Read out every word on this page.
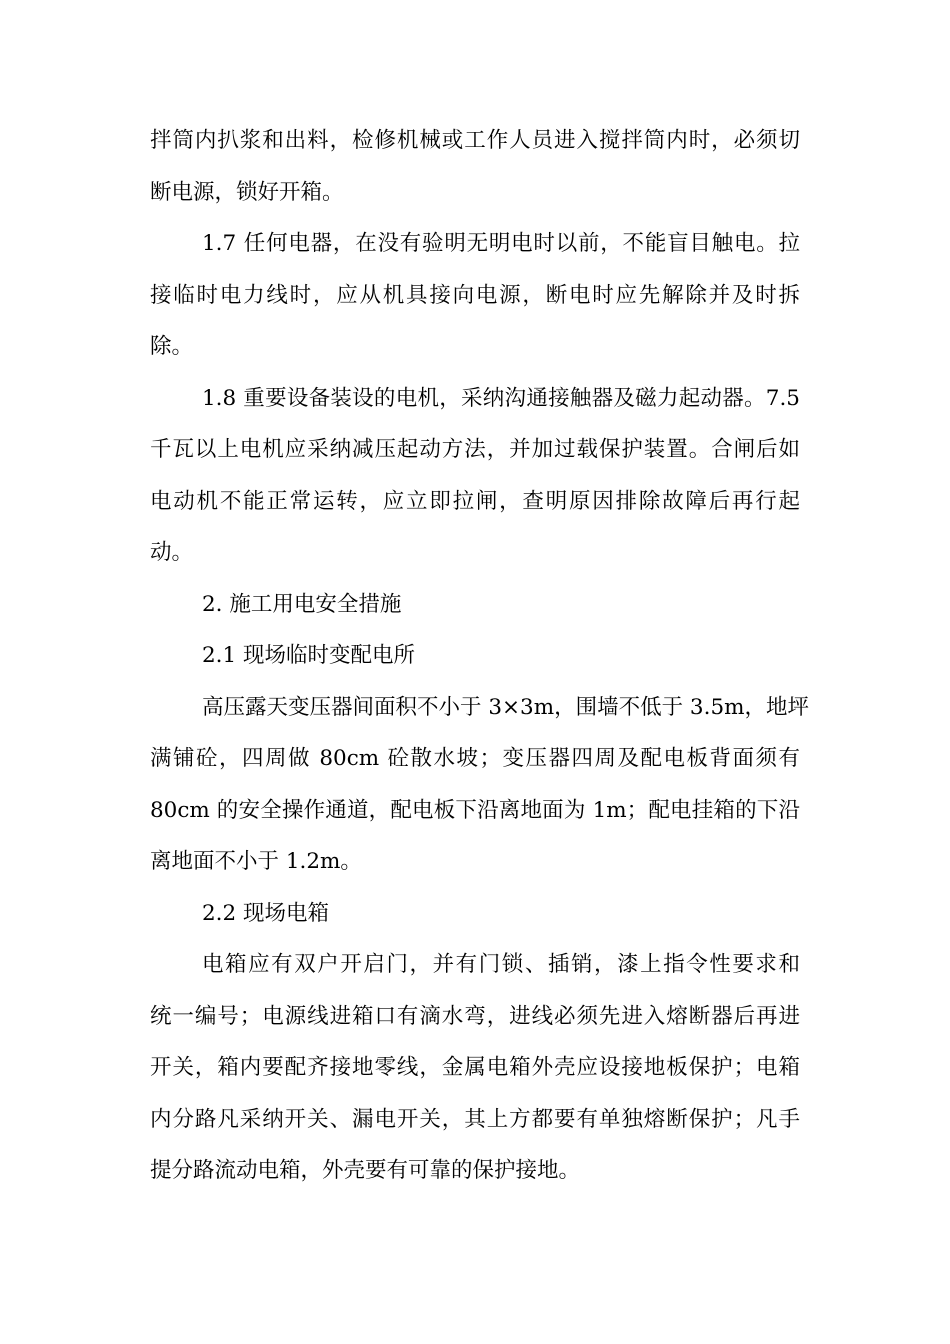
拌筒内扒浆和出料，检修机械或工作人员进入搅拌筒内时，必须切
断电源，锁好开箱。
1.7 任何电器，在没有验明无明电时以前，不能盲目触电。拉
接临时电力线时，应从机具接向电源，断电时应先解除并及时拆
除。
1.8 重要设备装设的电机，采纳沟通接触器及磁力起动器。7.5
千瓦以上电机应采纳减压起动方法，并加过载保护装置。合闸后如
电动机不能正常运转，应立即拉闸，查明原因排除故障后再行起
动。
2. 施工用电安全措施
2.1 现场临时变配电所
高压露天变压器间面积不小于 3×3m，围墙不低于 3.5m，地坪
满铺砼，四周做 80cm 砼散水坡；变压器四周及配电板背面须有
80cm 的安全操作通道，配电板下沿离地面为 1m；配电挂箱的下沿
离地面不小于 1.2m。
2.2 现场电箱
电箱应有双户开启门，并有门锁、插销，漆上指令性要求和
统一编号；电源线进箱口有滴水弯，进线必须先进入熔断器后再进
开关，箱内要配齐接地零线，金属电箱外壳应设接地板保护；电箱
内分路凡采纳开关、漏电开关，其上方都要有单独熔断保护；凡手
提分路流动电箱，外壳要有可靠的保护接地。
